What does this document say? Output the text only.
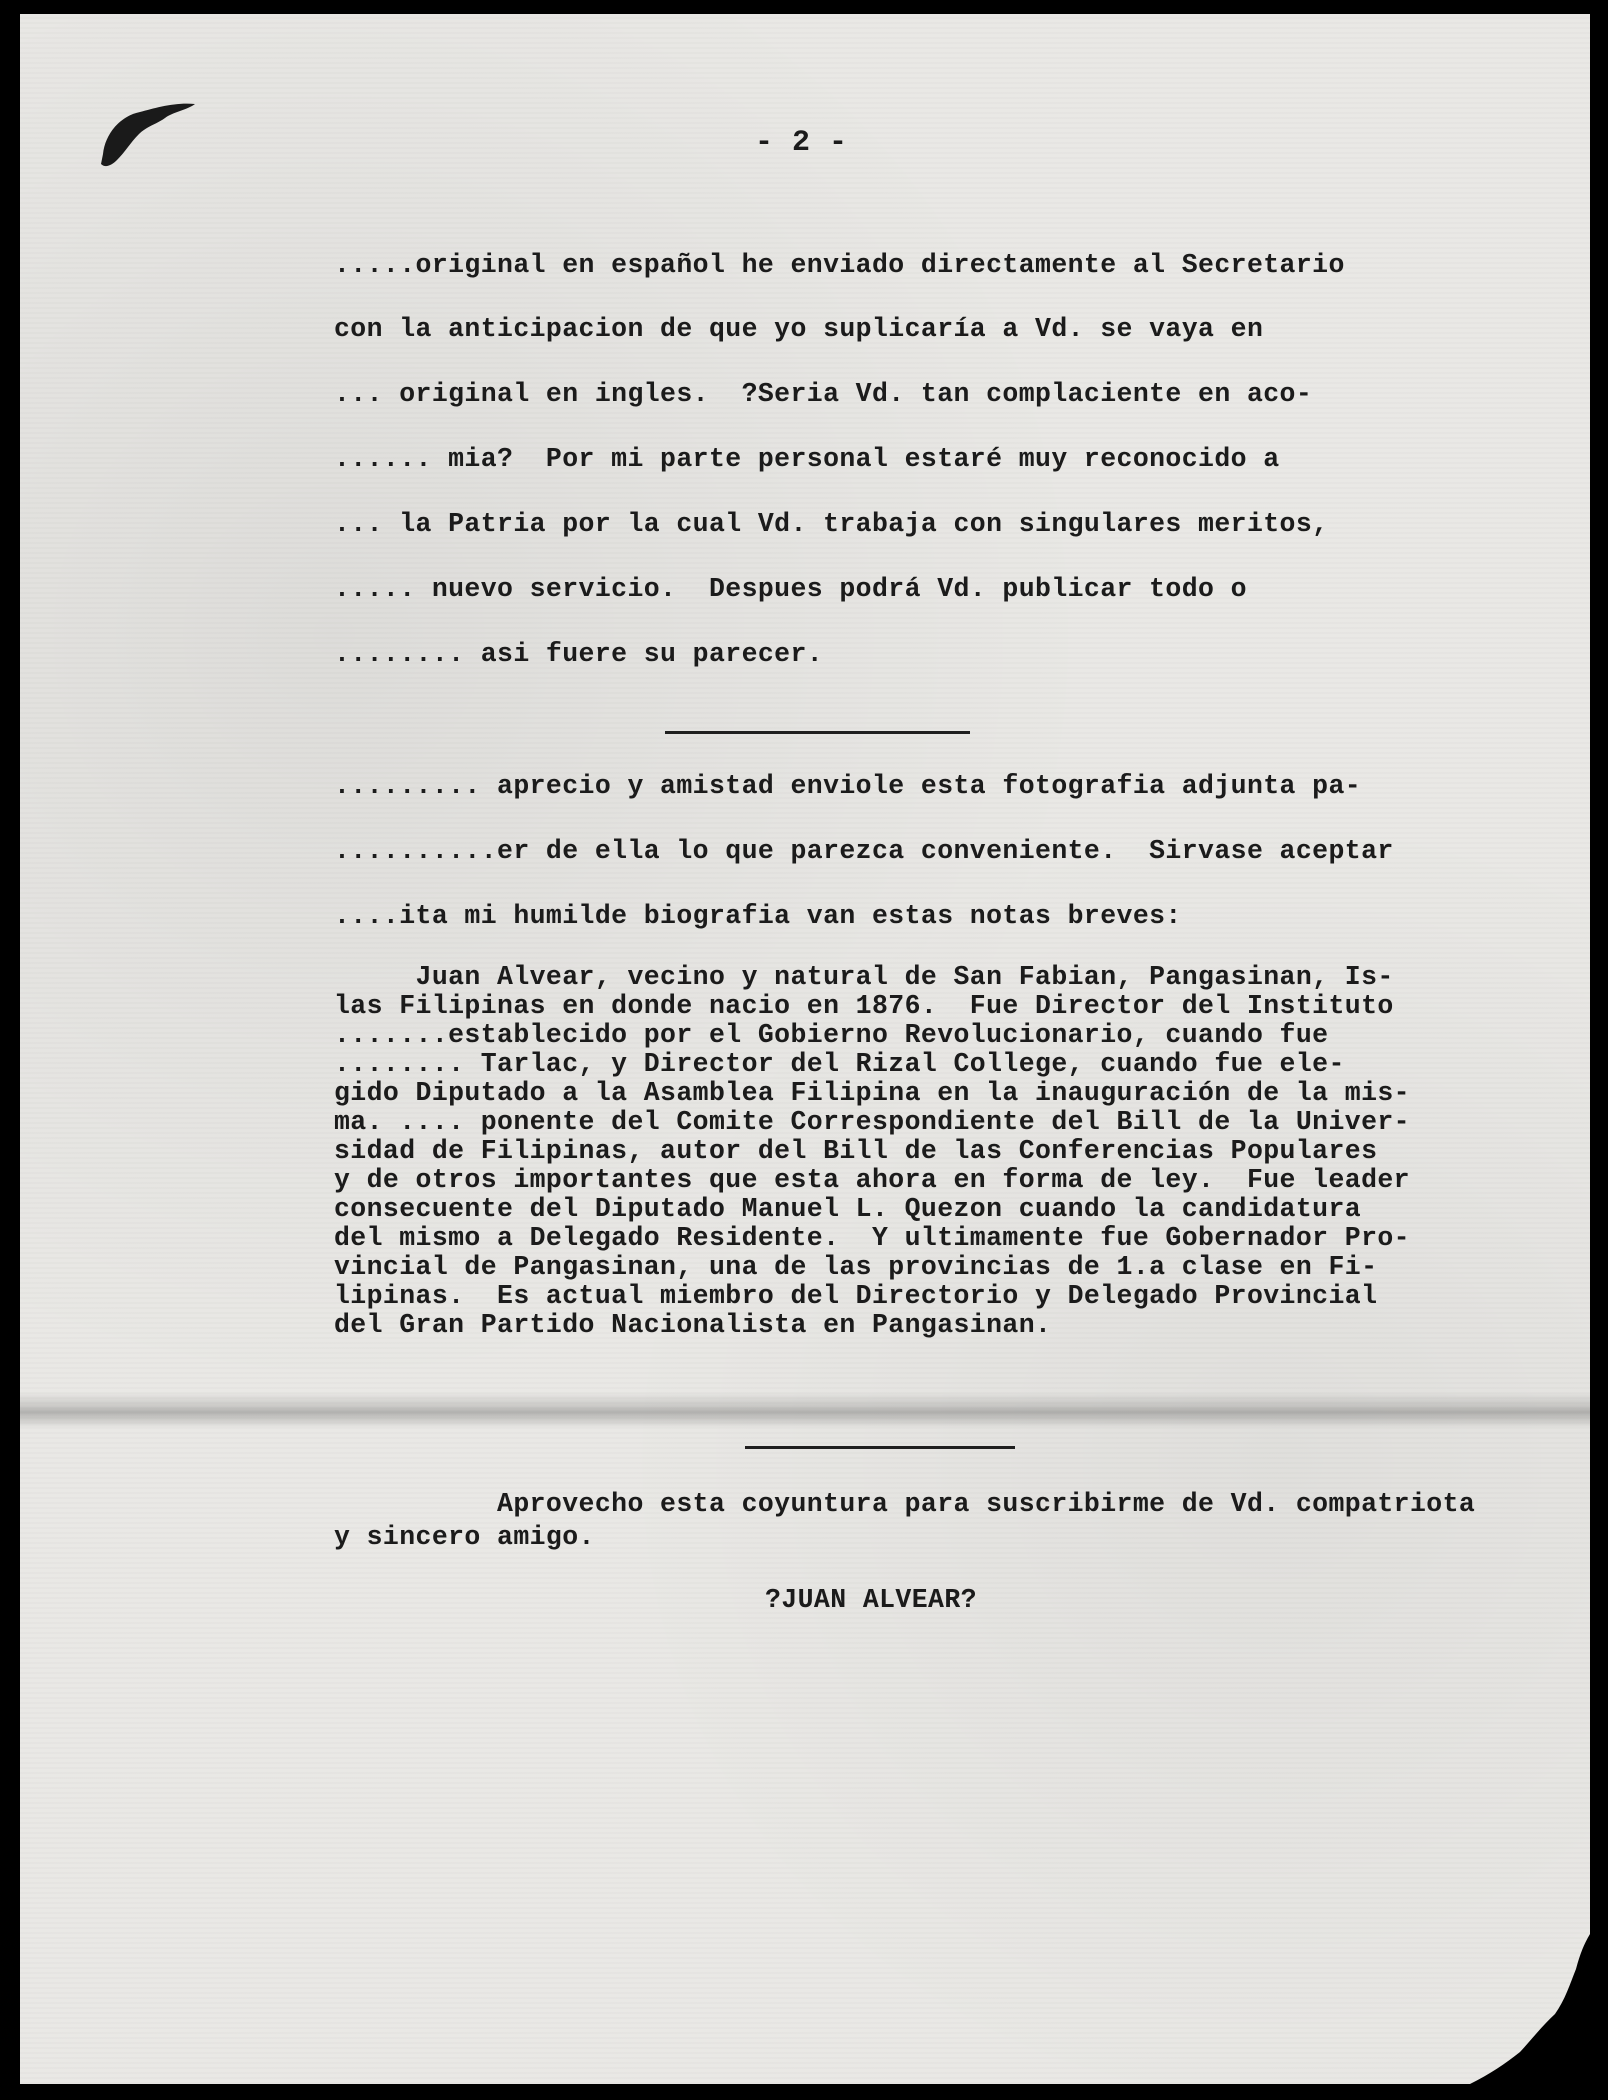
- 2 -
.....original en español he enviado directamente al Secretario
con la anticipacion de que yo suplicaría a Vd. se vaya en
... original en ingles.  ?Seria Vd. tan complaciente en aco-
...... mia?  Por mi parte personal estaré muy reconocido a
... la Patria por la cual Vd. trabaja con singulares meritos,
..... nuevo servicio.  Despues podrá Vd. publicar todo o
........ asi fuere su parecer.
......... aprecio y amistad enviole esta fotografia adjunta pa-
..........er de ella lo que parezca conveniente.  Sirvase aceptar
....ita mi humilde biografia van estas notas breves:
Juan Alvear, vecino y natural de San Fabian, Pangasinan, Is-
las Filipinas en donde nacio en 1876.  Fue Director del Instituto
.......establecido por el Gobierno Revolucionario, cuando fue
........ Tarlac, y Director del Rizal College, cuando fue ele-
gido Diputado a la Asamblea Filipina en la inauguración de la mis-
ma. .... ponente del Comite Correspondiente del Bill de la Univer-
sidad de Filipinas, autor del Bill de las Conferencias Populares
y de otros importantes que esta ahora en forma de ley.  Fue leader
consecuente del Diputado Manuel L. Quezon cuando la candidatura
del mismo a Delegado Residente.  Y ultimamente fue Gobernador Pro-
vincial de Pangasinan, una de las provincias de 1.a clase en Fi-
lipinas.  Es actual miembro del Directorio y Delegado Provincial
del Gran Partido Nacionalista en Pangasinan.
Aprovecho esta coyuntura para suscribirme de Vd. compatriota
y sincero amigo.
?JUAN ALVEAR?
